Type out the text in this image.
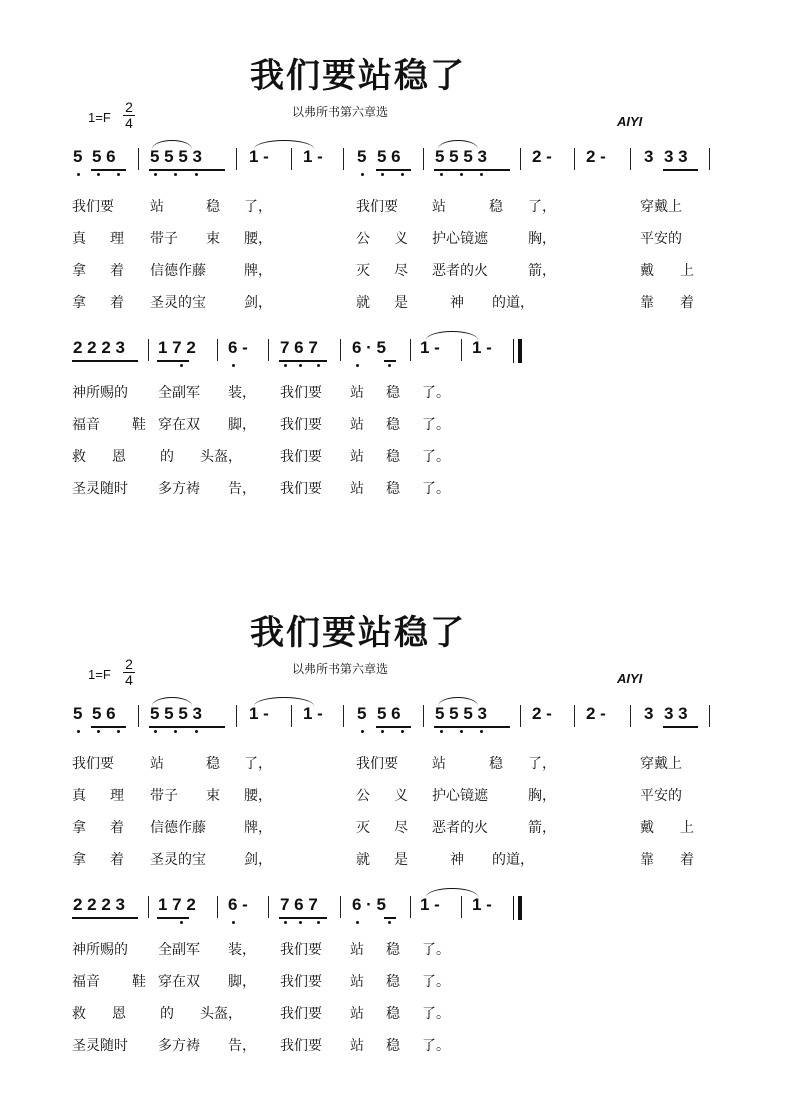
我们要站稳了
1=F
2
4
以弗所书第六章选
AIYI
5 5 6 5 5 5 3	1 - 1 - 5 5 6 5 5 5 3	2 - 2 - 3 3 3
我们要	站	稳 了，	我们要 站	稳 了，	穿戴上
真 理 带子 束 腰，	公 义 护心镜遮	胸，	平安的
拿 着 信德作藤	牌，	灭 尽 恶者的火	箭，	戴 上
拿 着 圣灵的宝	剑，	就 是	神 的道，	靠 着
2 2 2 3 1 7 2 6 - 7 6 7 6 · 5 1 - 1 -
神所赐的 全副军 装， 我们要 站 稳 了。
福音 鞋 穿在双 脚， 我们要 站 稳 了。
救 恩 的 头盔，	我们要 站 稳 了。
圣灵随时 多方祷 告， 我们要 站 稳 了。
我们要站稳了
1=F
2
4
以弗所书第六章选
AIYI
5 5 6 5 5 5 3	1 - 1 - 5 5 6 5 5 5 3	2 - 2 - 3 3 3
我们要	站	稳 了，	我们要 站	稳 了，	穿戴上
真 理 带子 束 腰，	公 义 护心镜遮	胸，	平安的
拿 着 信德作藤	牌，	灭 尽 恶者的火	箭，	戴 上
拿 着 圣灵的宝	剑，	就 是	神 的道，	靠 着
2 2 2 3 1 7 2 6 - 7 6 7 6 · 5 1 - 1 -
神所赐的 全副军 装， 我们要 站 稳 了。
福音 鞋 穿在双 脚， 我们要 站 稳 了。
救 恩 的 头盔，	我们要 站 稳 了。
圣灵随时 多方祷 告， 我们要 站 稳 了。
